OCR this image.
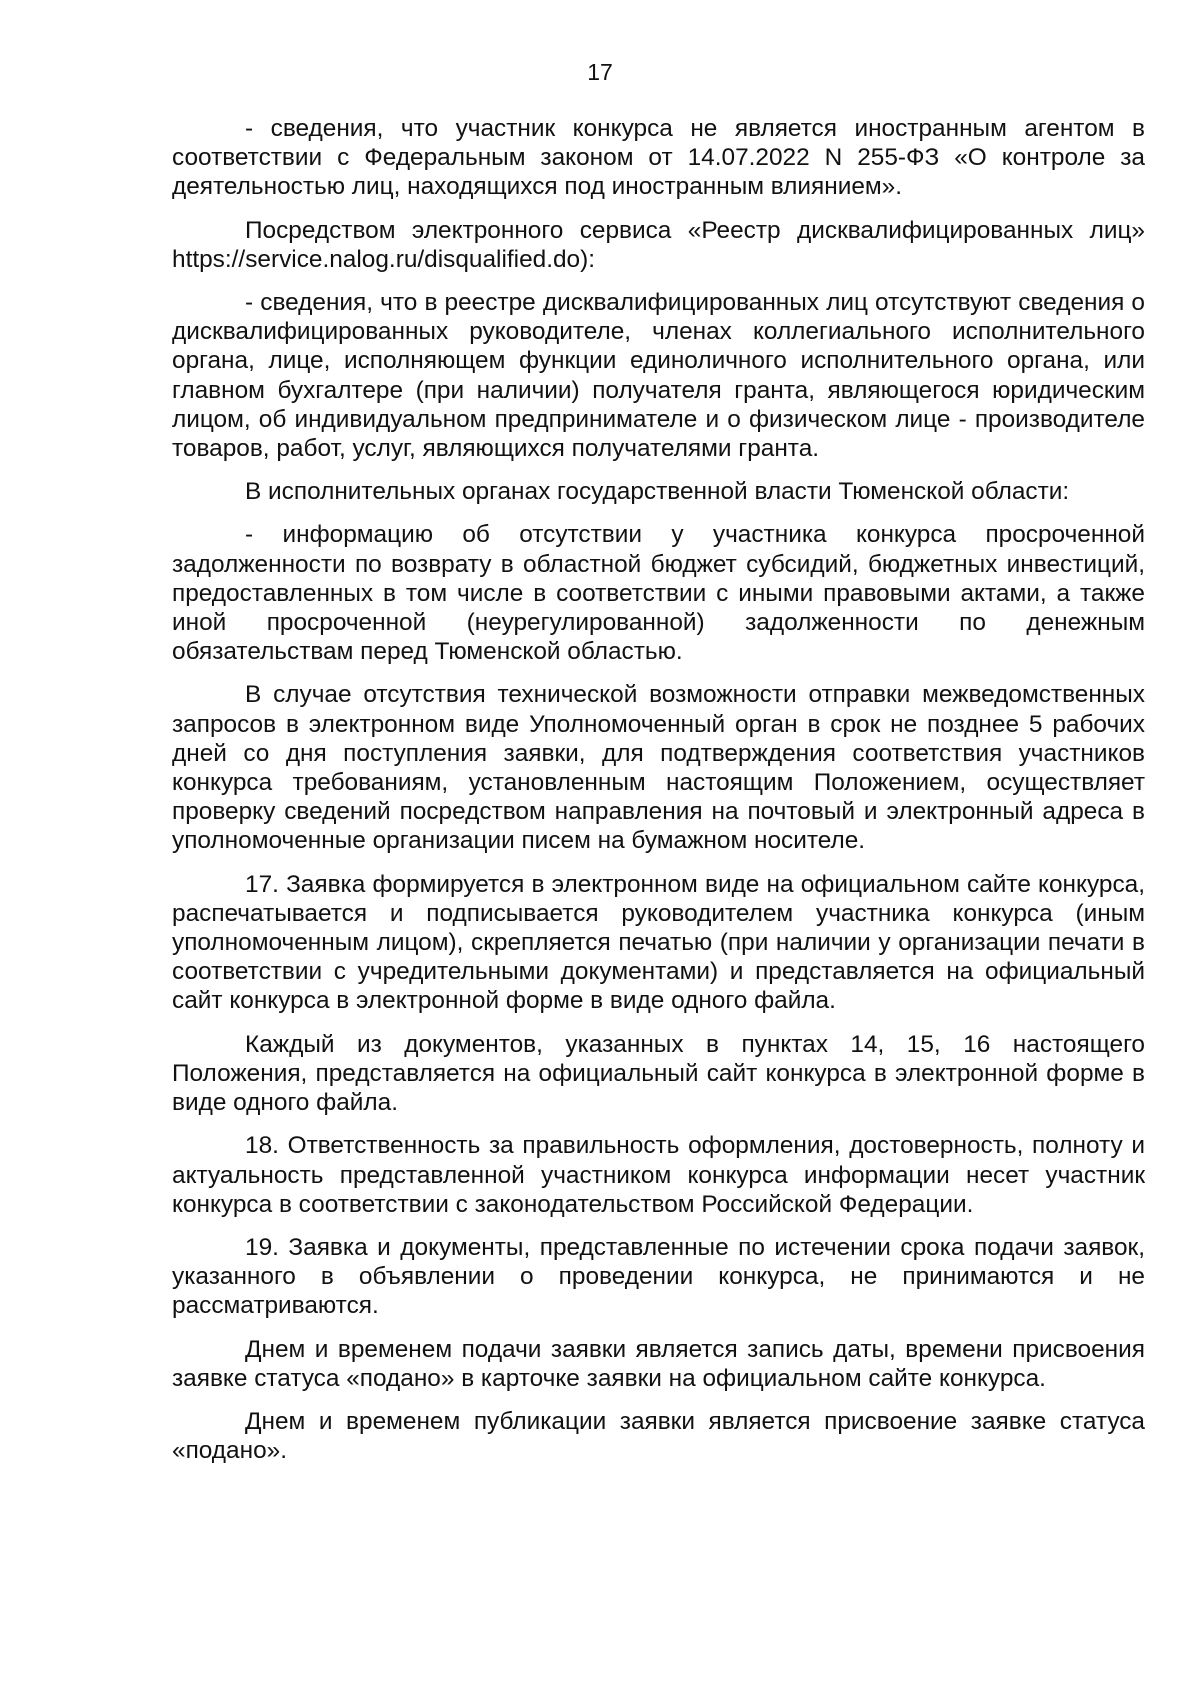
17

- сведения, что участник конкурса не является иностранным агентом в соответствии с Федеральным законом от 14.07.2022 N 255-ФЗ «О контроле за деятельностью лиц, находящихся под иностранным влиянием».

Посредством электронного сервиса «Реестр дисквалифицированных лиц» https://service.nalog.ru/disqualified.do):

- сведения, что в реестре дисквалифицированных лиц отсутствуют сведения о дисквалифицированных руководителе, членах коллегиального исполнительного органа, лице, исполняющем функции единоличного исполнительного органа, или главном бухгалтере (при наличии) получателя гранта, являющегося юридическим лицом, об индивидуальном предпринимателе и о физическом лице - производителе товаров, работ, услуг, являющихся получателями гранта.

В исполнительных органах государственной власти Тюменской области:

- информацию об отсутствии у участника конкурса просроченной задолженности по возврату в областной бюджет субсидий, бюджетных инвестиций, предоставленных в том числе в соответствии с иными правовыми актами, а также иной просроченной (неурегулированной) задолженности по денежным обязательствам перед Тюменской областью.

В случае отсутствия технической возможности отправки межведомственных запросов в электронном виде Уполномоченный орган в срок не позднее 5 рабочих дней со дня поступления заявки, для подтверждения соответствия участников конкурса требованиям, установленным настоящим Положением, осуществляет проверку сведений посредством направления на почтовый и электронный адреса в уполномоченные организации писем на бумажном носителе.

17. Заявка формируется в электронном виде на официальном сайте конкурса, распечатывается и подписывается руководителем участника конкурса (иным уполномоченным лицом), скрепляется печатью (при наличии у организации печати в соответствии с учредительными документами) и представляется на официальный сайт конкурса в электронной форме в виде одного файла.

Каждый из документов, указанных в пунктах 14, 15, 16 настоящего Положения, представляется на официальный сайт конкурса в электронной форме в виде одного файла.

18. Ответственность за правильность оформления, достоверность, полноту и актуальность представленной участником конкурса информации несет участник конкурса в соответствии с законодательством Российской Федерации.

19. Заявка и документы, представленные по истечении срока подачи заявок, указанного в объявлении о проведении конкурса, не принимаются и не рассматриваются.

Днем и временем подачи заявки является запись даты, времени присвоения заявке статуса «подано» в карточке заявки на официальном сайте конкурса.

Днем и временем публикации заявки является присвоение заявке статуса «подано».
